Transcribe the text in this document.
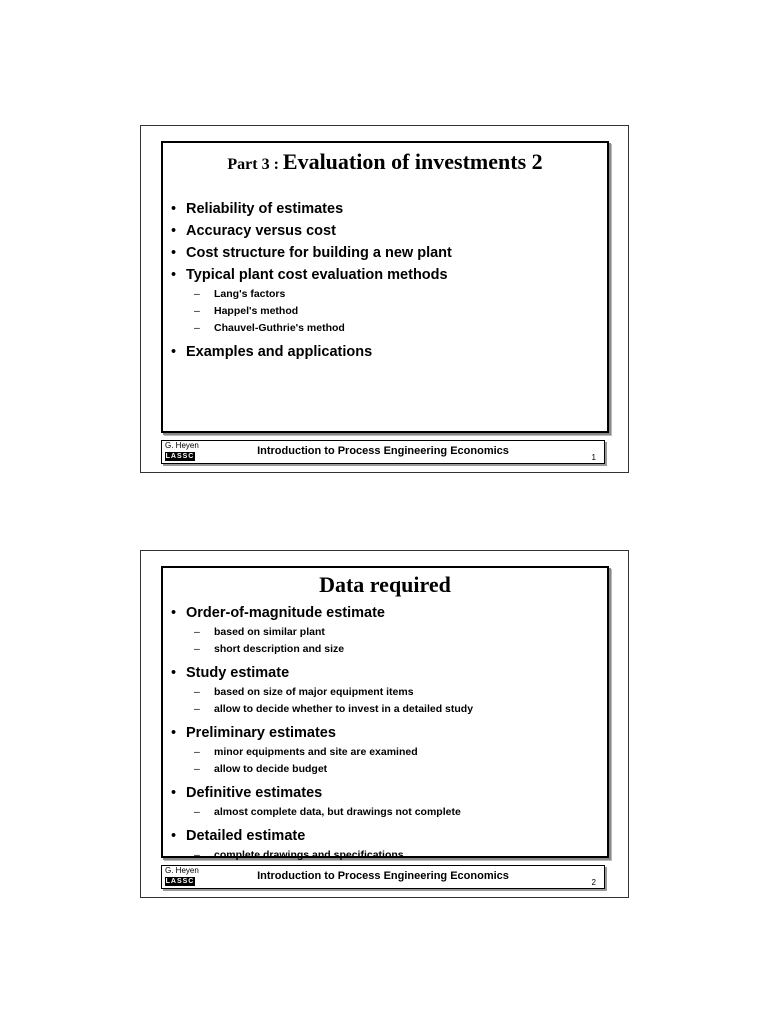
Part 3 : Evaluation of investments 2
• Reliability of estimates
• Accuracy versus cost
• Cost structure for building a new plant
• Typical plant cost evaluation methods
– Lang's factors
– Happel's method
– Chauvel-Guthrie's method
• Examples and applications
G. Heyen
LASSC	Introduction to Process Engineering Economics
1
Data required
• Order-of-magnitude estimate
– based on similar plant
– short description and size
• Study estimate
– based on size of major equipment items
– allow to decide whether to invest in a detailed study
• Preliminary estimates
– minor equipments and site are examined
– allow to decide budget
• Definitive estimates
– almost complete data, but drawings not complete
• Detailed estimate
– complete drawings and specifications
G. Heyen
LASSC	Introduction to Process Engineering Economics
2
